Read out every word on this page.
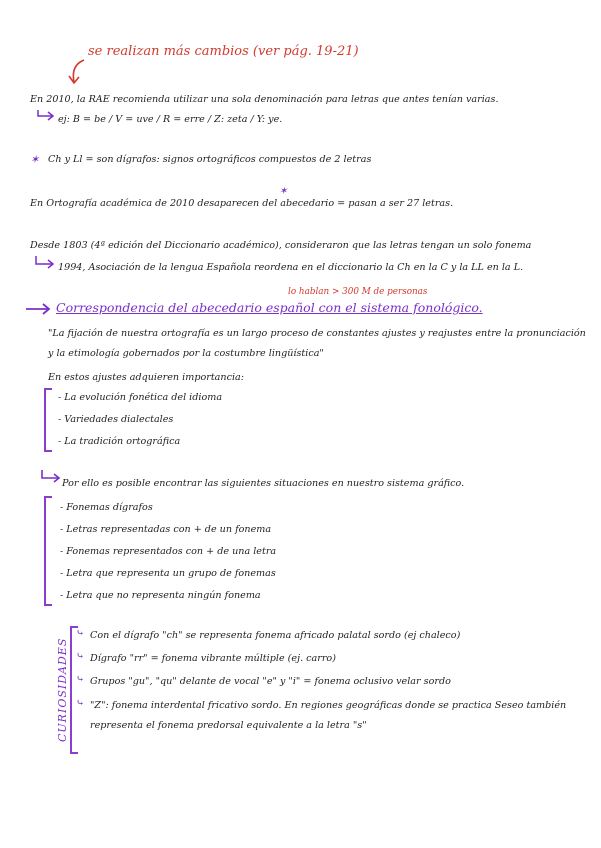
se realizan más cambios (ver pág. 19-21)
En 2010, la RAE recomienda utilizar una sola denominación para letras que antes tenían varias.
ej: B = be / V = uve / R = erre / Z: zeta / Y: ye.
✶ Ch y Ll = son dígrafos: signos ortográficos compuestos de 2 letras
En Ortografía académica de 2010 desaparecen del abecedario = pasan a ser 27 letras.
✶
Desde 1803 (4ª edición del Diccionario académico), consideraron que las letras tengan un solo fonema
1994, Asociación de la lengua Española reordena en el diccionario la Ch en la C y la LL en la L.
lo hablan > 300 M de personas
Correspondencia del abecedario español con el sistema fonológico.
"La fijación de nuestra ortografía es un largo proceso de constantes ajustes y reajustes entre la pronunciación
y la etimología gobernados por la costumbre lingüística"
En estos ajustes adquieren importancia:
- La evolución fonética del idioma
- Variedades dialectales
- La tradición ortográfica
Por ello es posible encontrar las siguientes situaciones en nuestro sistema gráfico.
- Fonemas dígrafos
- Letras representadas con + de un fonema
- Fonemas representados con + de una letra
- Letra que representa un grupo de fonemas
- Letra que no representa ningún fonema
CURIOSIDADES
⤷ Con el dígrafo "ch" se representa fonema africado palatal sordo (ej chaleco)
⤷ Dígrafo "rr" = fonema vibrante múltiple (ej. carro)
⤷ Grupos "gu", "qu" delante de vocal "e" y "i" = fonema oclusivo velar sordo
⤷ "Z": fonema interdental fricativo sordo. En regiones geográficas donde se practica Seseo también
representa el fonema predorsal equivalente a la letra "s"
